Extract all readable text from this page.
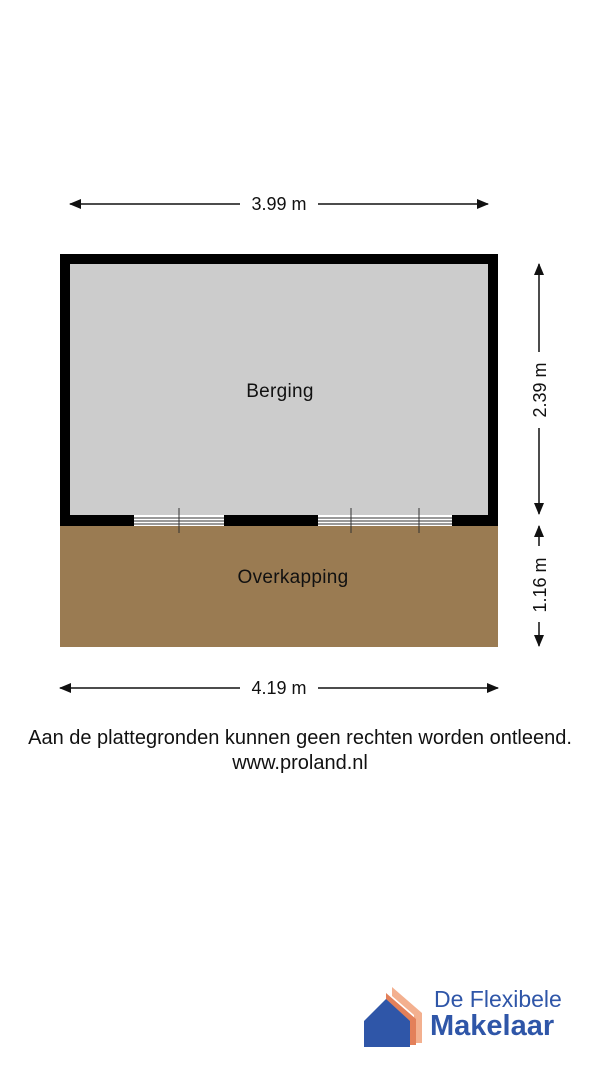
Berging
Overkapping
3.99 m
4.19 m
2.39 m
1.16 m

Aan de plattegronden kunnen geen rechten worden ontleend.

www.proland.nl

De Flexibele
Makelaar
